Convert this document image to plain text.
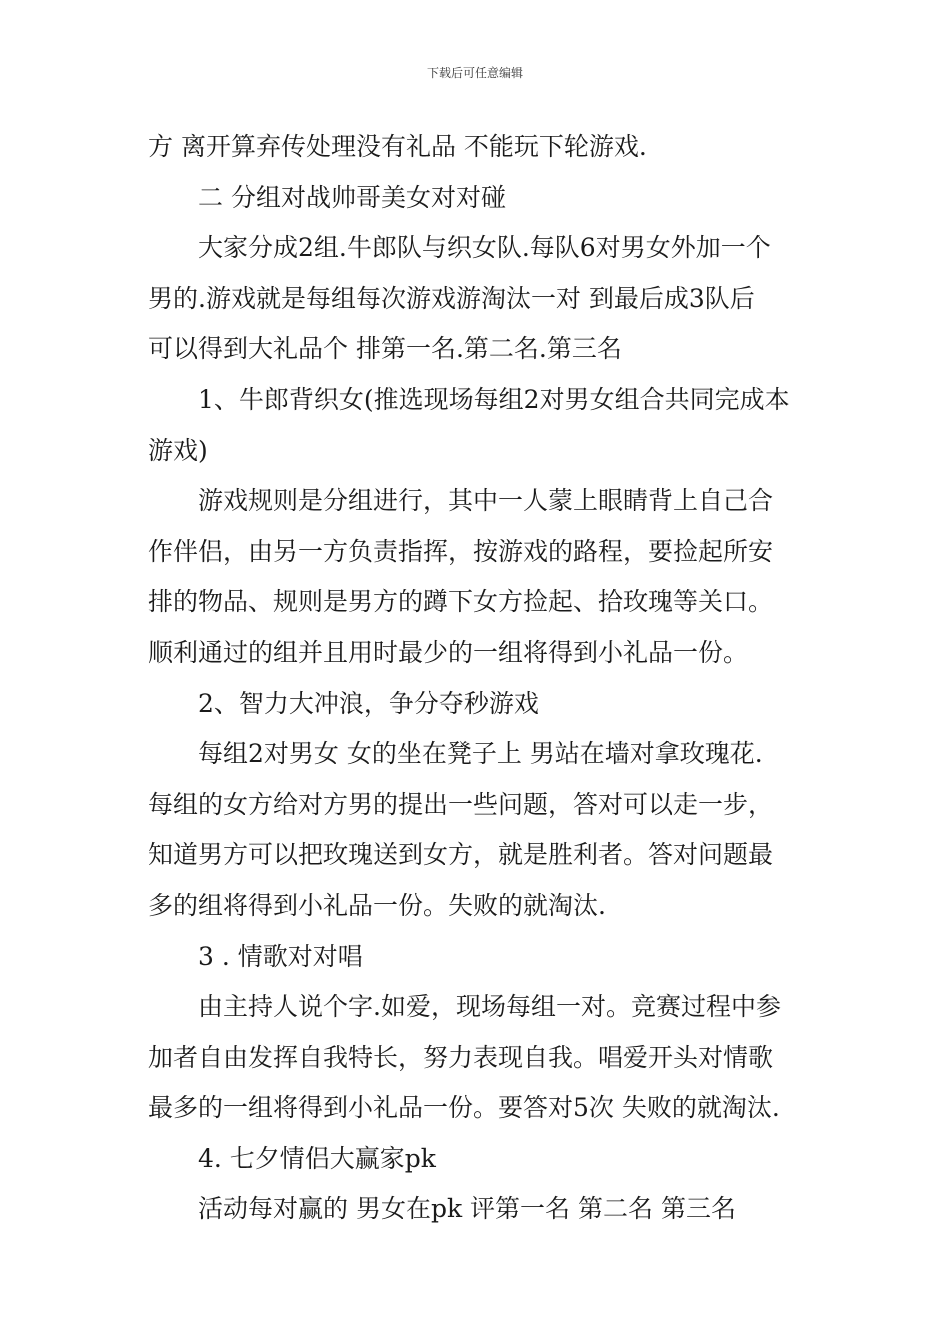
下载后可任意编辑
方 离开算弃传处理没有礼品 不能玩下轮游戏.
二 分组对战帅哥美女对对碰
大家分成2组.牛郎队与织女队.每队6对男女外加一个
男的.游戏就是每组每次游戏游淘汰一对 到最后成3队后
可以得到大礼品个 排第一名.第二名.第三名
1、牛郎背织女(推选现场每组2对男女组合共同完成本
游戏)
游戏规则是分组进行，其中一人蒙上眼睛背上自己合
作伴侣，由另一方负责指挥，按游戏的路程，要捡起所安
排的物品、规则是男方的蹲下女方捡起、拾玫瑰等关口。
顺利通过的组并且用时最少的一组将得到小礼品一份。
2、智力大冲浪，争分夺秒游戏
每组2对男女 女的坐在凳子上 男站在墙对拿玫瑰花.
每组的女方给对方男的提出一些问题，答对可以走一步，
知道男方可以把玫瑰送到女方，就是胜利者。答对问题最
多的组将得到小礼品一份。失败的就淘汰.
3 . 情歌对对唱
由主持人说个字.如爱，现场每组一对。竞赛过程中参
加者自由发挥自我特长，努力表现自我。唱爱开头对情歌
最多的一组将得到小礼品一份。要答对5次 失败的就淘汰.
4. 七夕情侣大赢家pk
活动每对赢的 男女在pk 评第一名 第二名 第三名
